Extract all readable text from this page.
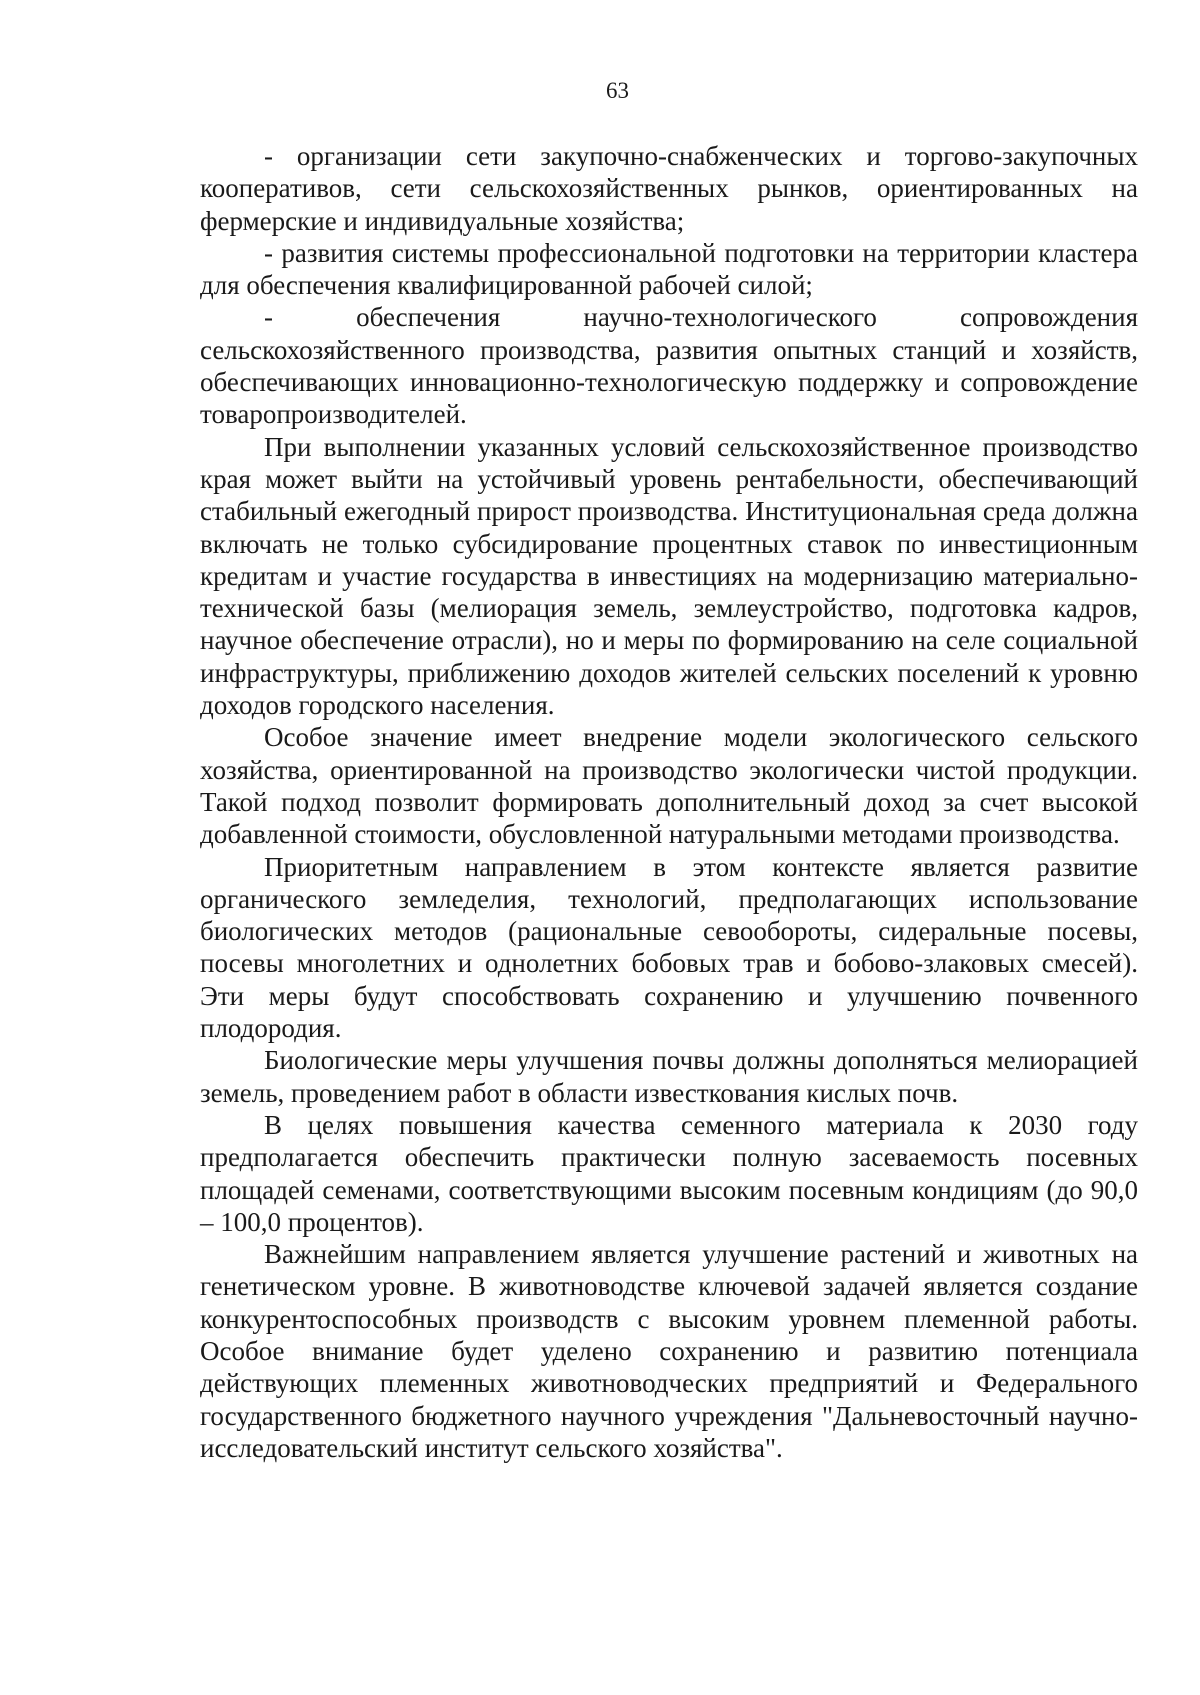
63

- организации сети закупочно-снабженческих и торгово-закупочных кооперативов, сети сельскохозяйственных рынков, ориентированных на фермерские и индивидуальные хозяйства;

- развития системы профессиональной подготовки на территории кластера для обеспечения квалифицированной рабочей силой;

- обеспечения научно-технологического сопровождения сельскохозяйственного производства, развития опытных станций и хозяйств, обеспечивающих инновационно-технологическую поддержку и сопровождение товаропроизводителей.

При выполнении указанных условий сельскохозяйственное производство края может выйти на устойчивый уровень рентабельности, обеспечивающий стабильный ежегодный прирост производства. Институциональная среда должна включать не только субсидирование процентных ставок по инвестиционным кредитам и участие государства в инвестициях на модернизацию материально-технической базы (мелиорация земель, землеустройство, подготовка кадров, научное обеспечение отрасли), но и меры по формированию на селе социальной инфраструктуры, приближению доходов жителей сельских поселений к уровню доходов городского населения.

Особое значение имеет внедрение модели экологического сельского хозяйства, ориентированной на производство экологически чистой продукции. Такой подход позволит формировать дополнительный доход за счет высокой добавленной стоимости, обусловленной натуральными методами производства.

Приоритетным направлением в этом контексте является развитие органического земледелия, технологий, предполагающих использование биологических методов (рациональные севообороты, сидеральные посевы, посевы многолетних и однолетних бобовых трав и бобово-злаковых смесей). Эти меры будут способствовать сохранению и улучшению почвенного плодородия.

Биологические меры улучшения почвы должны дополняться мелиорацией земель, проведением работ в области известкования кислых почв.

В целях повышения качества семенного материала к 2030 году предполагается обеспечить практически полную засеваемость посевных площадей семенами, соответствующими высоким посевным кондициям (до 90,0 – 100,0 процентов).

Важнейшим направлением является улучшение растений и животных на генетическом уровне. В животноводстве ключевой задачей является создание конкурентоспособных производств с высоким уровнем племенной работы. Особое внимание будет уделено сохранению и развитию потенциала действующих племенных животноводческих предприятий и Федерального государственного бюджетного научного учреждения "Дальневосточный научно-исследовательский институт сельского хозяйства".
